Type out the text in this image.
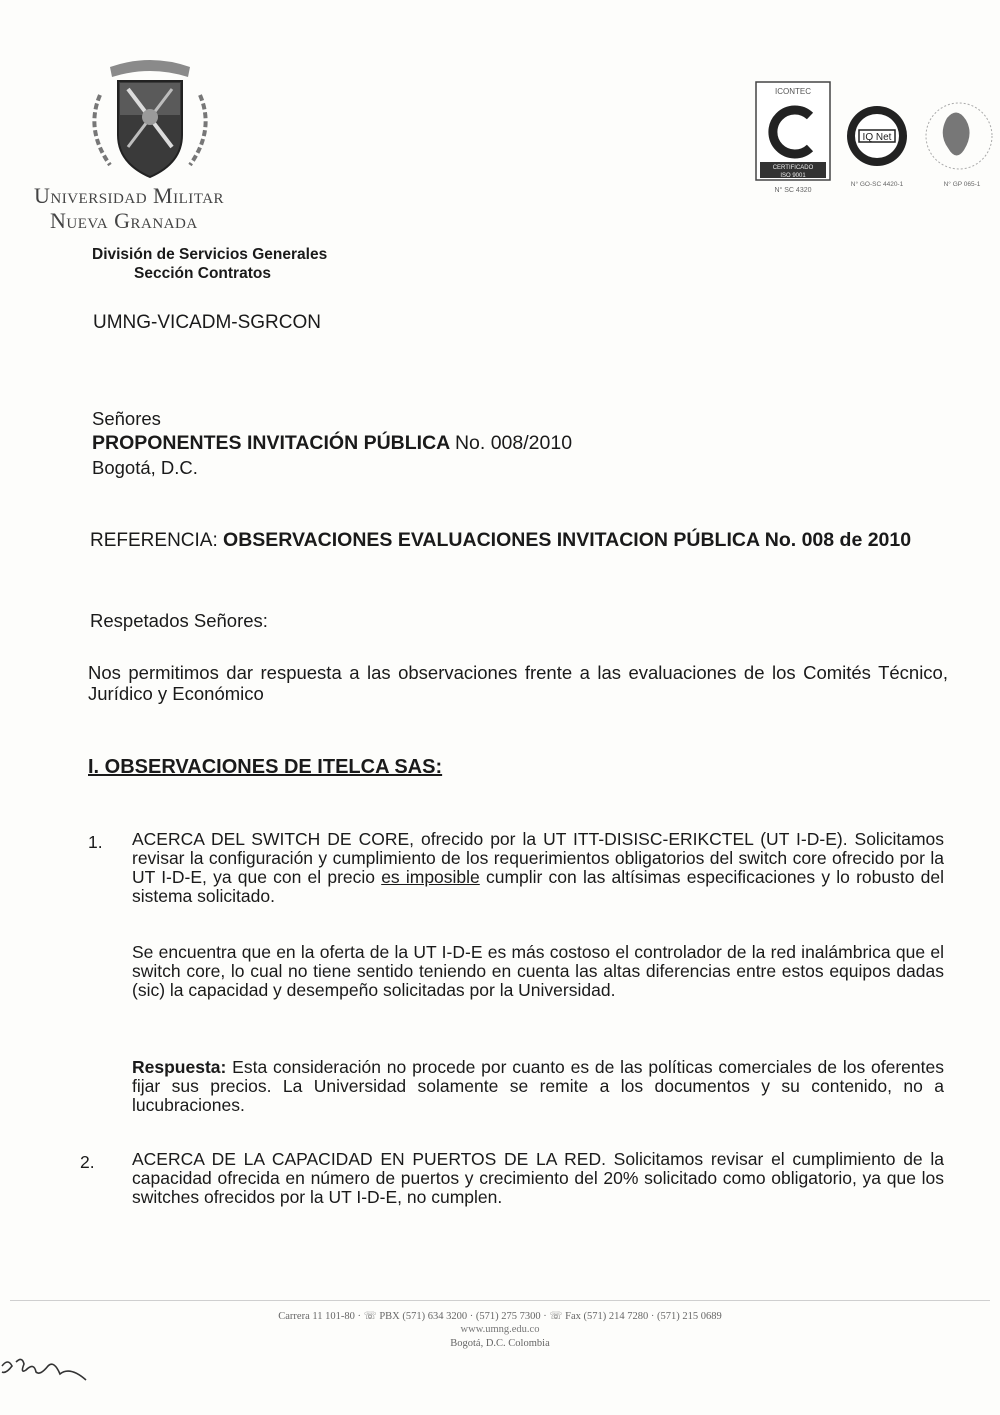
Universidad Militar
Nueva Granada
División de Servicios Generales
Sección Contratos
UMNG-VICADM-SGRCON
ICONTEC
CERTIFICADO
ISO 9001
N° SC 4320
IQ Net
N° GO-SC 4420-1	N° GP 065-1
Señores
PROPONENTES INVITACIÓN PÚBLICA No. 008/2010
Bogotá, D.C.
REFERENCIA: OBSERVACIONES EVALUACIONES INVITACION PÚBLICA No. 008 de 2010
Respetados Señores:
Nos permitimos dar respuesta a las observaciones frente a las evaluaciones de los Comités Técnico, Jurídico y Económico
I. OBSERVACIONES DE ITELCA SAS:
1. ACERCA DEL SWITCH DE CORE, ofrecido por la UT ITT-DISISC-ERIKCTEL (UT I-D-E). Solicitamos revisar la configuración y cumplimiento de los requerimientos obligatorios del switch core ofrecido por la UT I-D-E, ya que con el precio es imposible cumplir con las altísimas especificaciones y lo robusto del sistema solicitado.
Se encuentra que en la oferta de la UT I-D-E es más costoso el controlador de la red inalámbrica que el switch core, lo cual no tiene sentido teniendo en cuenta las altas diferencias entre estos equipos dadas (sic) la capacidad y desempeño solicitadas por la Universidad.
Respuesta: Esta consideración no procede por cuanto es de las políticas comerciales de los oferentes fijar sus precios. La Universidad solamente se remite a los documentos y su contenido, no a lucubraciones.
2. ACERCA DE LA CAPACIDAD EN PUERTOS DE LA RED. Solicitamos revisar el cumplimiento de la capacidad ofrecida en número de puertos y crecimiento del 20% solicitado como obligatorio, ya que los switches ofrecidos por la UT I-D-E, no cumplen.
Carrera 11 101-80 · ☏ PBX (571) 634 3200 · (571) 275 7300 · ☏ Fax (571) 214 7280 · (571) 215 0689
www.umng.edu.co
Bogotá, D.C. Colombia
